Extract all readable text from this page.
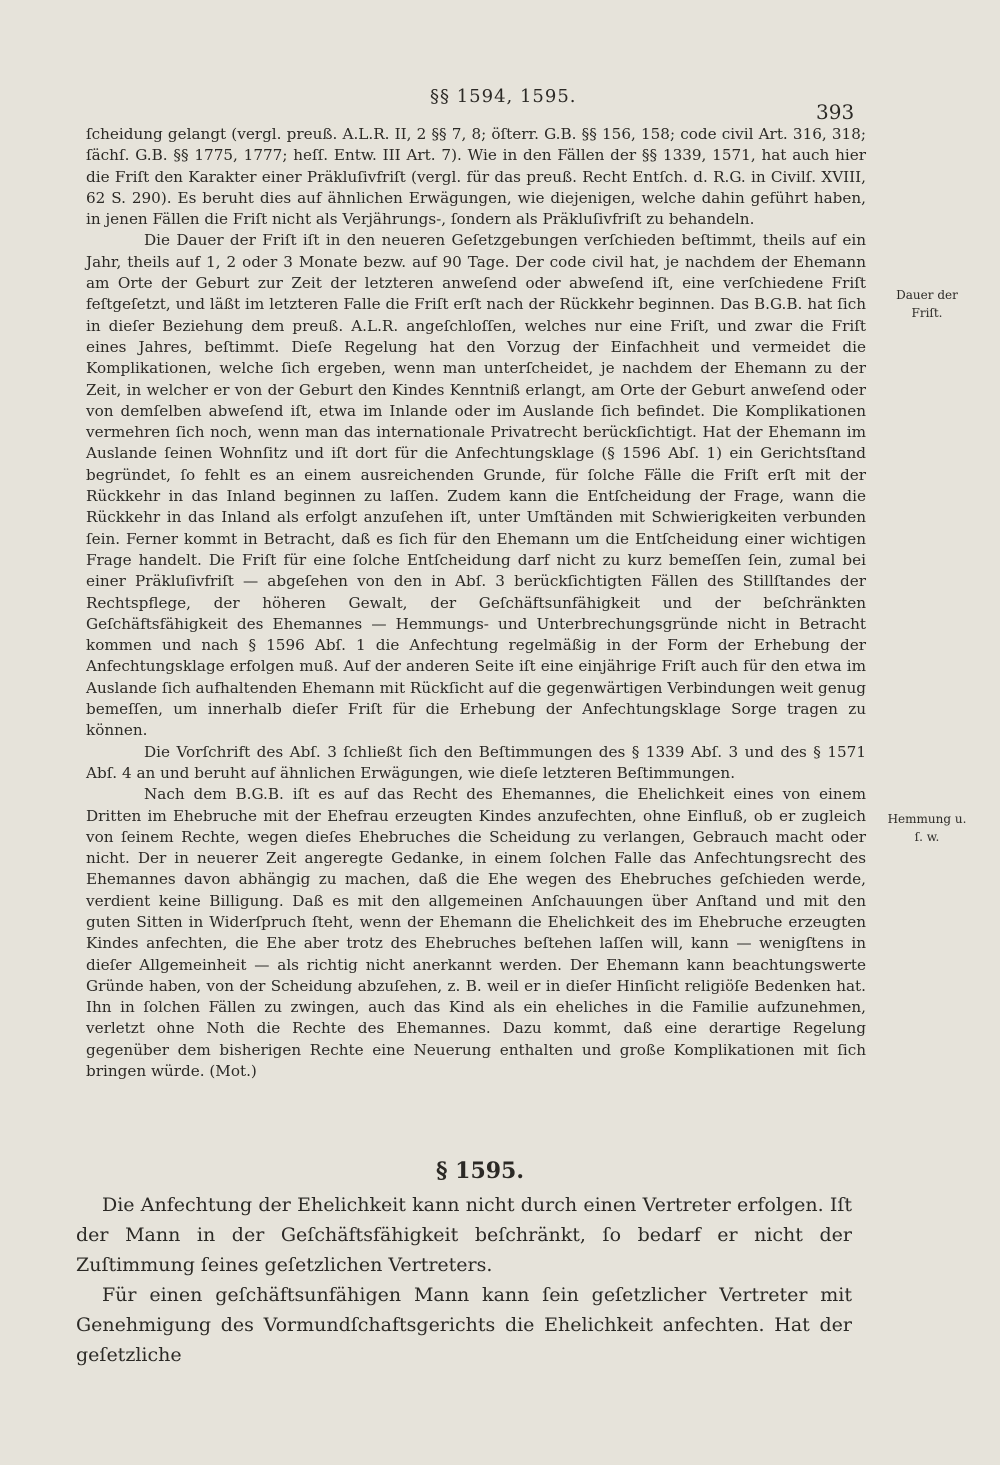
§§ 1594, 1595.
393

ſcheidung gelangt (vergl. preuß. A.L.R. II, 2 §§ 7, 8; öſterr. G.B. §§ 156, 158; code civil Art. 316, 318; ſächſ. G.B. §§ 1775, 1777; heſſ. Entw. III Art. 7). Wie in den Fällen der §§ 1339, 1571, hat auch hier die Friſt den Karakter einer Präkluſivfriſt (vergl. für das preuß. Recht Entſch. d. R.G. in Civilſ. XVIII, 62 S. 290). Es beruht dies auf ähnlichen Erwägungen, wie diejenigen, welche dahin geführt haben, in jenen Fällen die Friſt nicht als Verjährungs-, ſondern als Präkluſivfriſt zu behandeln.

Die Dauer der Friſt iſt in den neueren Geſetzgebungen verſchieden beſtimmt, theils auf ein Jahr, theils auf 1, 2 oder 3 Monate bezw. auf 90 Tage. Der code civil hat, je nachdem der Ehemann am Orte der Geburt zur Zeit der letzteren anweſend oder abweſend iſt, eine verſchiedene Friſt feſtgeſetzt, und läßt im letzteren Falle die Friſt erſt nach der Rückkehr beginnen. Das B.G.B. hat ſich in dieſer Beziehung dem preuß. A.L.R. angeſchloſſen, welches nur eine Friſt, und zwar die Friſt eines Jahres, beſtimmt. Dieſe Regelung hat den Vorzug der Einfachheit und vermeidet die Komplikationen, welche ſich ergeben, wenn man unterſcheidet, je nachdem der Ehemann zu der Zeit, in welcher er von der Geburt den Kindes Kenntniß erlangt, am Orte der Geburt anweſend oder von demſelben abweſend iſt, etwa im Inlande oder im Auslande ſich befindet. Die Komplikationen vermehren ſich noch, wenn man das internationale Privatrecht berückſichtigt. Hat der Ehemann im Auslande ſeinen Wohnſitz und iſt dort für die Anfechtungsklage (§ 1596 Abſ. 1) ein Gerichtsſtand begründet, ſo fehlt es an einem ausreichenden Grunde, für ſolche Fälle die Friſt erſt mit der Rückkehr in das Inland beginnen zu laſſen. Zudem kann die Entſcheidung der Frage, wann die Rückkehr in das Inland als erfolgt anzuſehen iſt, unter Umſtänden mit Schwierigkeiten verbunden ſein. Ferner kommt in Betracht, daß es ſich für den Ehemann um die Entſcheidung einer wichtigen Frage handelt. Die Friſt für eine ſolche Entſcheidung darf nicht zu kurz bemeſſen ſein, zumal bei einer Präkluſivfriſt — abgeſehen von den in Abſ. 3 berückſichtigten Fällen des Stillſtandes der Rechtspflege, der höheren Gewalt, der Geſchäftsunfähigkeit und der beſchränkten Geſchäftsfähigkeit des Ehemannes — Hemmungs- und Unterbrechungsgründe nicht in Betracht kommen und nach § 1596 Abſ. 1 die Anfechtung regelmäßig in der Form der Erhebung der Anfechtungsklage erfolgen muß. Auf der anderen Seite iſt eine einjährige Friſt auch für den etwa im Auslande ſich aufhaltenden Ehemann mit Rückſicht auf die gegenwärtigen Verbindungen weit genug bemeſſen, um innerhalb dieſer Friſt für die Erhebung der Anfechtungsklage Sorge tragen zu können.

Die Vorſchrift des Abſ. 3 ſchließt ſich den Beſtimmungen des § 1339 Abſ. 3 und des § 1571 Abſ. 4 an und beruht auf ähnlichen Erwägungen, wie dieſe letzteren Beſtimmungen.

Nach dem B.G.B. iſt es auf das Recht des Ehemannes, die Ehelichkeit eines von einem Dritten im Ehebruche mit der Ehefrau erzeugten Kindes anzufechten, ohne Einfluß, ob er zugleich von ſeinem Rechte, wegen dieſes Ehebruches die Scheidung zu verlangen, Gebrauch macht oder nicht. Der in neuerer Zeit angeregte Gedanke, in einem ſolchen Falle das Anfechtungsrecht des Ehemannes davon abhängig zu machen, daß die Ehe wegen des Ehebruches geſchieden werde, verdient keine Billigung. Daß es mit den allgemeinen Anſchauungen über Anſtand und mit den guten Sitten in Widerſpruch ſteht, wenn der Ehemann die Ehelichkeit des im Ehebruche erzeugten Kindes anfechten, die Ehe aber trotz des Ehebruches beſtehen laſſen will, kann — wenigſtens in dieſer Allgemeinheit — als richtig nicht anerkannt werden. Der Ehemann kann beachtungswerte Gründe haben, von der Scheidung abzuſehen, z. B. weil er in dieſer Hinſicht religiöſe Bedenken hat. Ihn in ſolchen Fällen zu zwingen, auch das Kind als ein eheliches in die Familie aufzunehmen, verletzt ohne Noth die Rechte des Ehemannes. Dazu kommt, daß eine derartige Regelung gegenüber dem bisherigen Rechte eine Neuerung enthalten und große Komplikationen mit ſich bringen würde. (Mot.)

Dauer der Friſt.
Hemmung u. ſ. w.
§ 1595.

Die Anfechtung der Ehelichkeit kann nicht durch einen Vertreter erfolgen. Iſt der Mann in der Geſchäftsfähigkeit beſchränkt, ſo bedarf er nicht der Zuſtimmung ſeines geſetzlichen Vertreters.

Für einen geſchäftsunfähigen Mann kann ſein geſetzlicher Vertreter mit Genehmigung des Vormundſchaftsgerichts die Ehelichkeit anfechten. Hat der geſetzliche
